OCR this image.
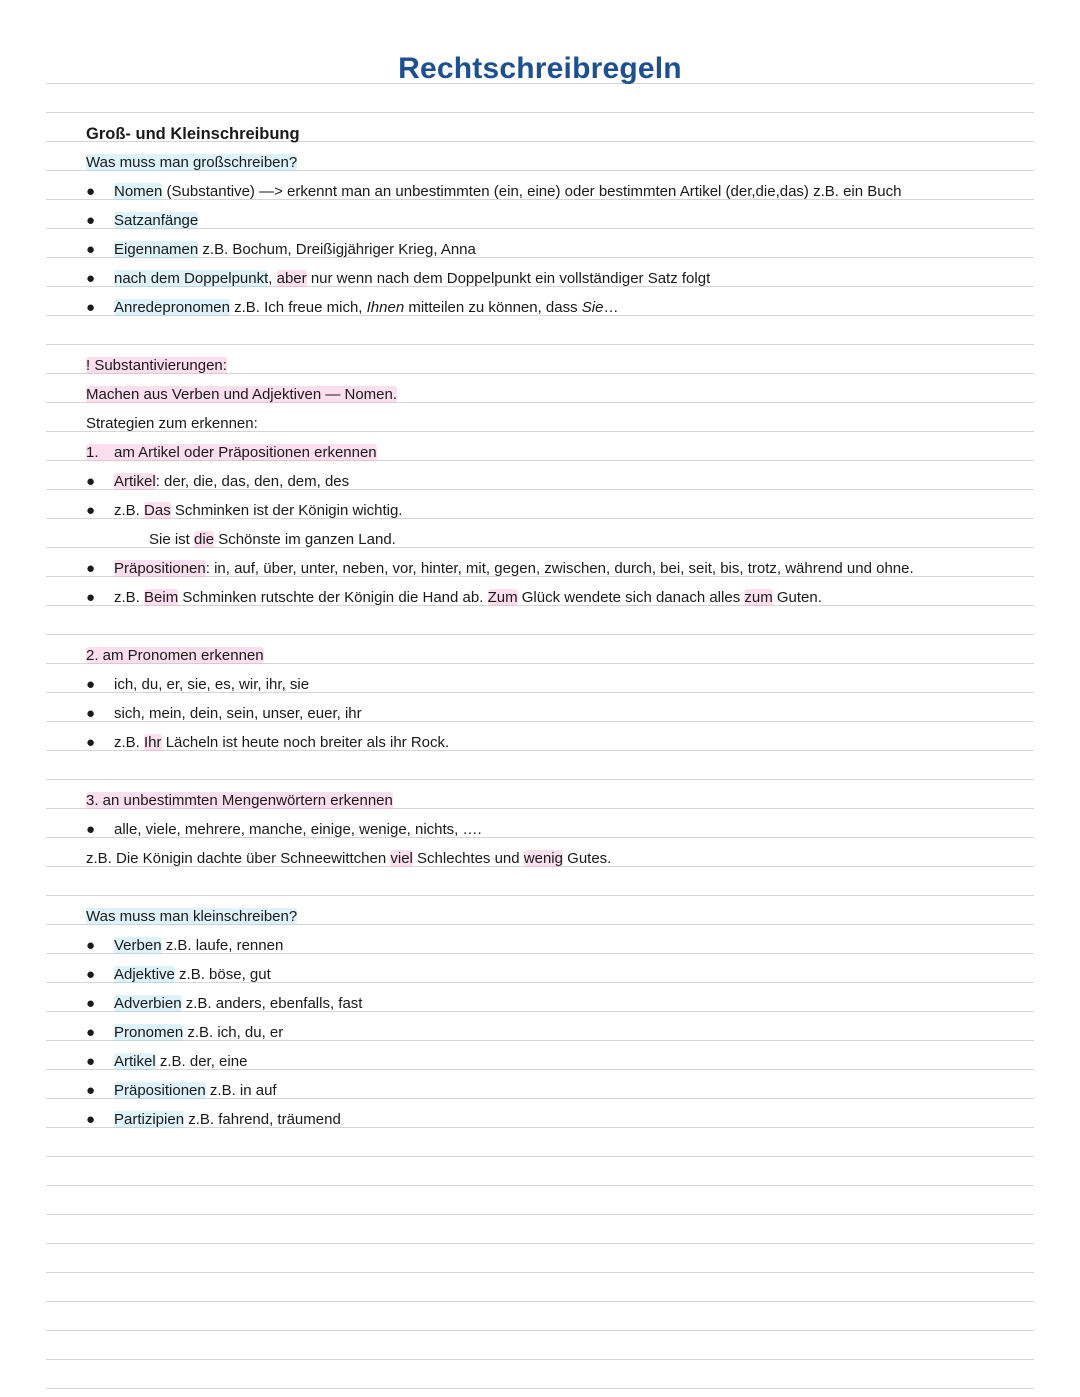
Rechtschreibregeln
Groß- und Kleinschreibung
Was muss man großschreiben?
● Nomen (Substantive) —> erkennt man an unbestimmten (ein, eine) oder bestimmten Artikel (der,die,das) z.B. ein Buch
● Satzanfänge
● Eigennamen z.B. Bochum, Dreißigjähriger Krieg, Anna
● nach dem Doppelpunkt, aber nur wenn nach dem Doppelpunkt ein vollständiger Satz folgt
● Anredepronomen z.B. Ich freue mich, Ihnen mitteilen zu können, dass Sie…
! Substantivierungen:
Machen aus Verben und Adjektiven — Nomen.
Strategien zum erkennen:
1. am Artikel oder Präpositionen erkennen
● Artikel: der, die, das, den, dem, des
● z.B. Das Schminken ist der Königin wichtig.
Sie ist die Schönste im ganzen Land.
● Präpositionen: in, auf, über, unter, neben, vor, hinter, mit, gegen, zwischen, durch, bei, seit, bis, trotz, während und ohne.
● z.B. Beim Schminken rutschte der Königin die Hand ab. Zum Glück wendete sich danach alles zum Guten.
2. am Pronomen erkennen
● ich, du, er, sie, es, wir, ihr, sie
● sich, mein, dein, sein, unser, euer, ihr
● z.B. Ihr Lächeln ist heute noch breiter als ihr Rock.
3. an unbestimmten Mengenwörtern erkennen
● alle, viele, mehrere, manche, einige, wenige, nichts, ….
z.B. Die Königin dachte über Schneewittchen viel Schlechtes und wenig Gutes.
Was muss man kleinschreiben?
● Verben z.B. laufe, rennen
● Adjektive z.B. böse, gut
● Adverbien z.B. anders, ebenfalls, fast
● Pronomen z.B. ich, du, er
● Artikel z.B. der, eine
● Präpositionen z.B. in auf
● Partizipien z.B. fahrend, träumend
